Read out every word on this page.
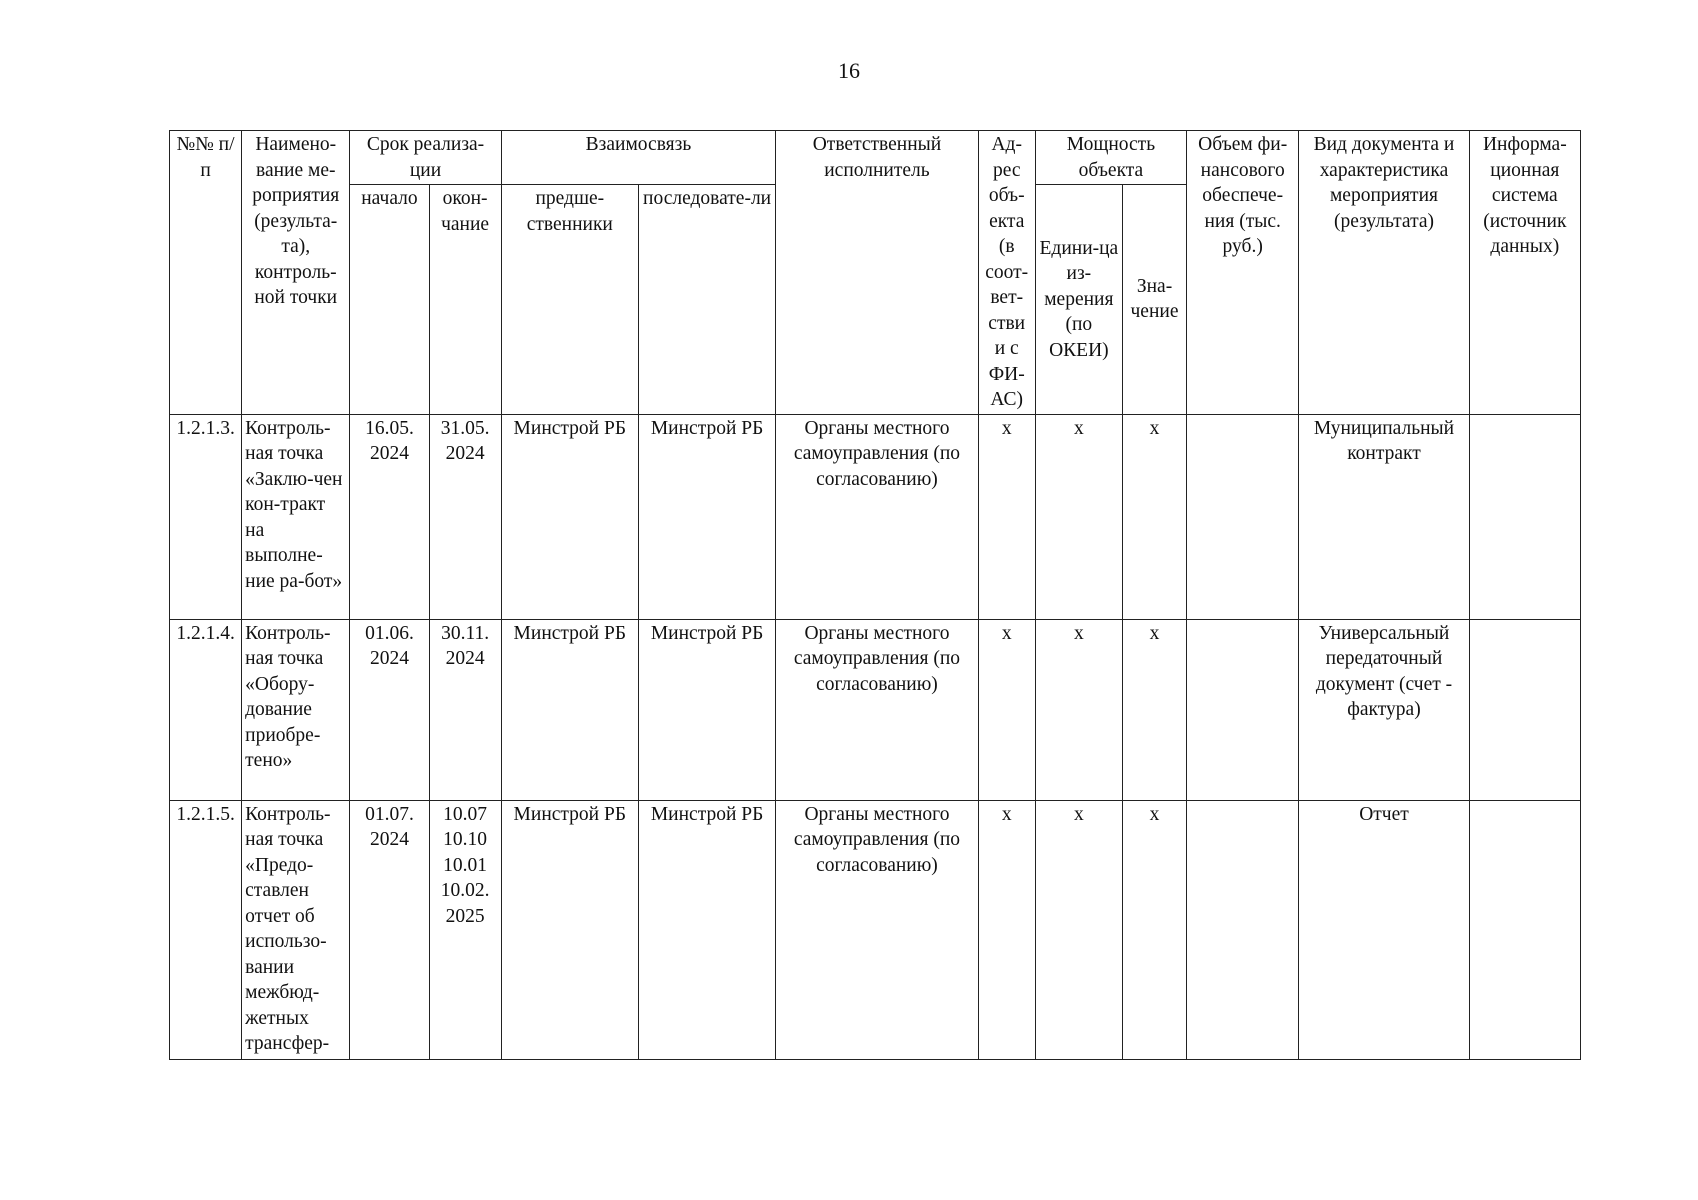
16
№№ п/п	Наимено-вание ме-роприятия (результа-та), контроль-ной точки	Срок реализа-ции		Взаимосвязь		Ответственный исполнитель	Ад-рес объ-екта (в соот-вет-стви и с ФИ-АС)	Мощность объекта		Объем фи-нансового обеспече-ния (тыс. руб.)	Вид документа и характеристика мероприятия (результата)	Информа-ционная система (источник данных)
		начало	окон-чание	предше-ственники	последовате-ли			Едини-ца из-мерения (по ОКЕИ)	Зна-чение			

1.2.1.3.	Контроль-ная точка «Заклю-чен кон-тракт на выполне-ние ра-бот»	16.05. 2024	31.05. 2024	Минстрой РБ	Минстрой РБ	Органы местного самоуправления (по согласованию)	х	х	х		Муниципальный контракт	
1.2.1.4.	Контроль-ная точка «Обору-дование приобре-тено»	01.06. 2024	30.11. 2024	Минстрой РБ	Минстрой РБ	Органы местного самоуправления (по согласованию)	х	х	х		Универсальный передаточный документ (счет - фактура)	
1.2.1.5.	Контроль-ная точка «Предо-ставлен отчет об использо-вании межбюд-жетных трансфер-	01.07. 2024	10.07 10.10 10.01 10.02. 2025	Минстрой РБ	Минстрой РБ	Органы местного самоуправления (по согласованию)	х	х	х		Отчет	
